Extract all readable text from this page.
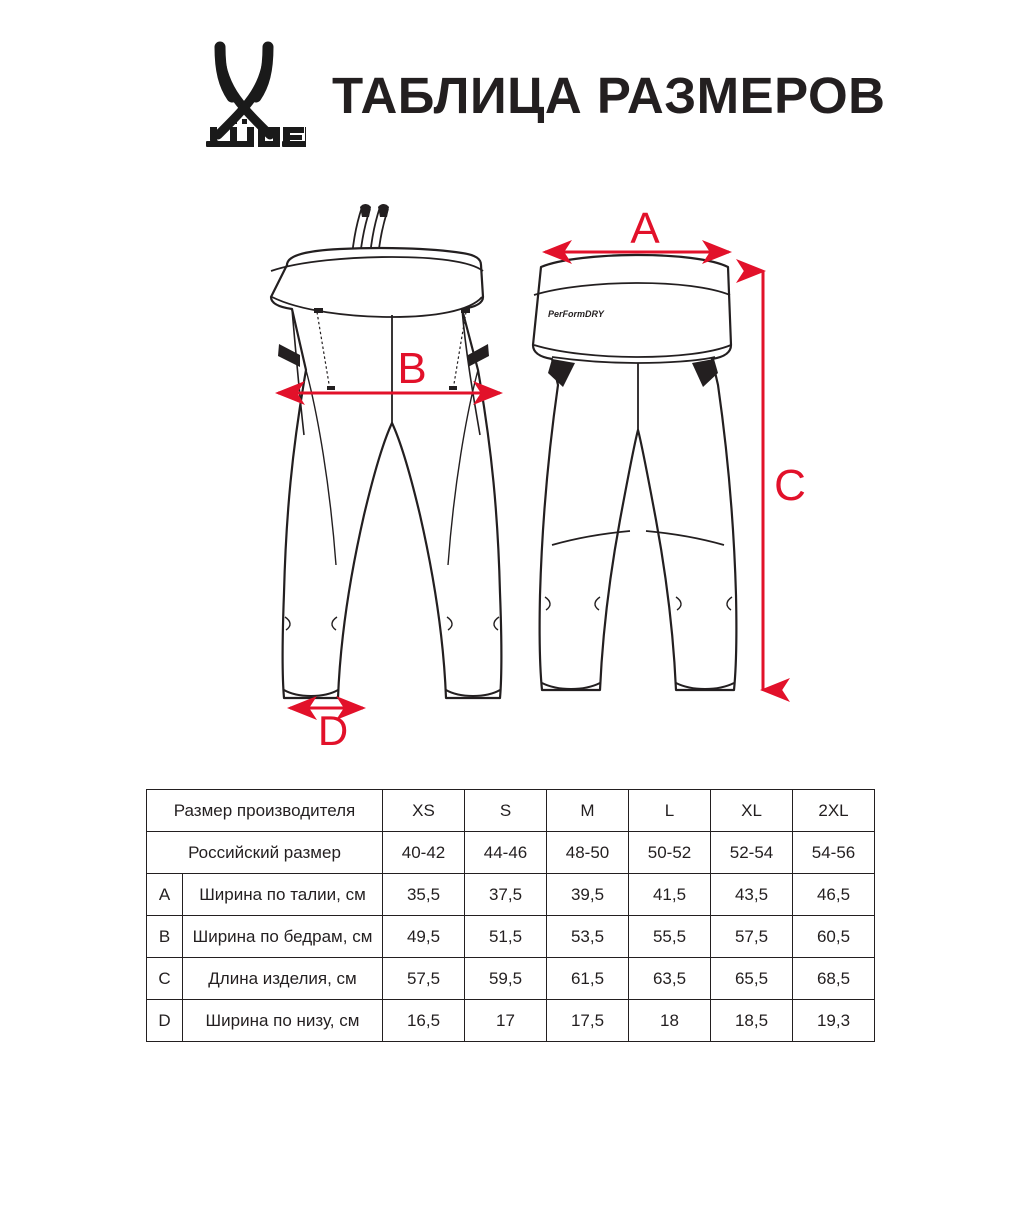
ТАБЛИЦА РАЗМЕРОВ
B
D
PerFormDRY
A
C
Размер производителя		XS	S	M	L	XL	2XL
Российский размер		40-42	44-46	48-50	50-52	52-54	54-56
A	Ширина по талии, см	35,5	37,5	39,5	41,5	43,5	46,5
B	Ширина по бедрам, см	49,5	51,5	53,5	55,5	57,5	60,5
C	Длина изделия, см	57,5	59,5	61,5	63,5	65,5	68,5
D	Ширина по низу, см	16,5	17	17,5	18	18,5	19,3
